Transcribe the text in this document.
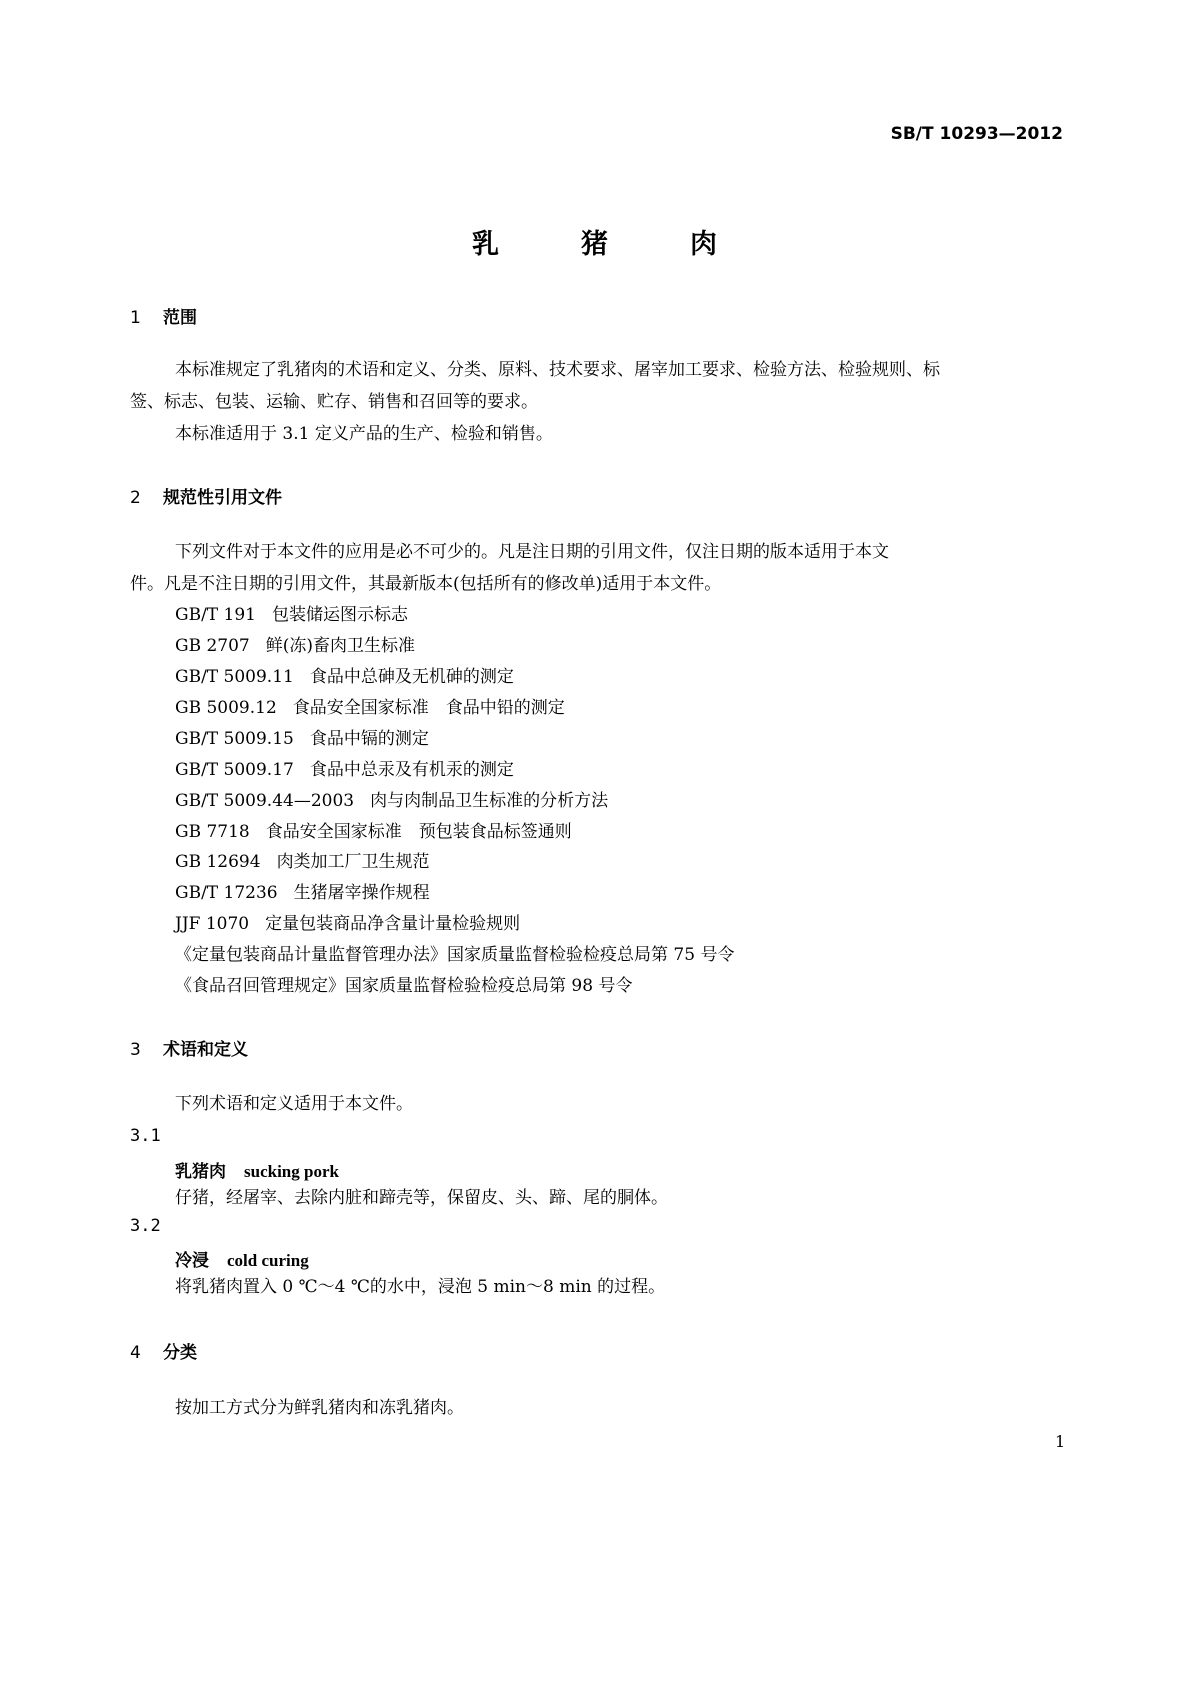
SB/T 10293—2012
乳	猪	肉
1 范围
本标准规定了乳猪肉的术语和定义、分类、原料、技术要求、屠宰加工要求、检验方法、检验规则、标
签、标志、包装、运输、贮存、销售和召回等的要求。
本标准适用于 3.1 定义产品的生产、检验和销售。
2 规范性引用文件
下列文件对于本文件的应用是必不可少的。凡是注日期的引用文件，仅注日期的版本适用于本文
件。凡是不注日期的引用文件，其最新版本(包括所有的修改单)适用于本文件。
GB/T 191 包装储运图示标志
GB 2707 鲜(冻)畜肉卫生标准
GB/T 5009.11 食品中总砷及无机砷的测定
GB 5009.12 食品安全国家标准　食品中铅的测定
GB/T 5009.15 食品中镉的测定
GB/T 5009.17 食品中总汞及有机汞的测定
GB/T 5009.44—2003 肉与肉制品卫生标准的分析方法
GB 7718 食品安全国家标准　预包装食品标签通则
GB 12694 肉类加工厂卫生规范
GB/T 17236 生猪屠宰操作规程
JJF 1070 定量包装商品净含量计量检验规则
《定量包装商品计量监督管理办法》国家质量监督检验检疫总局第 75 号令
《食品召回管理规定》国家质量监督检验检疫总局第 98 号令
3 术语和定义
下列术语和定义适用于本文件。
3.1
乳猪肉 sucking pork
仔猪，经屠宰、去除内脏和蹄壳等，保留皮、头、蹄、尾的胴体。
3.2
冷浸 cold curing
将乳猪肉置入 0 ℃～4 ℃的水中，浸泡 5 min～8 min 的过程。
4 分类
按加工方式分为鲜乳猪肉和冻乳猪肉。
1
